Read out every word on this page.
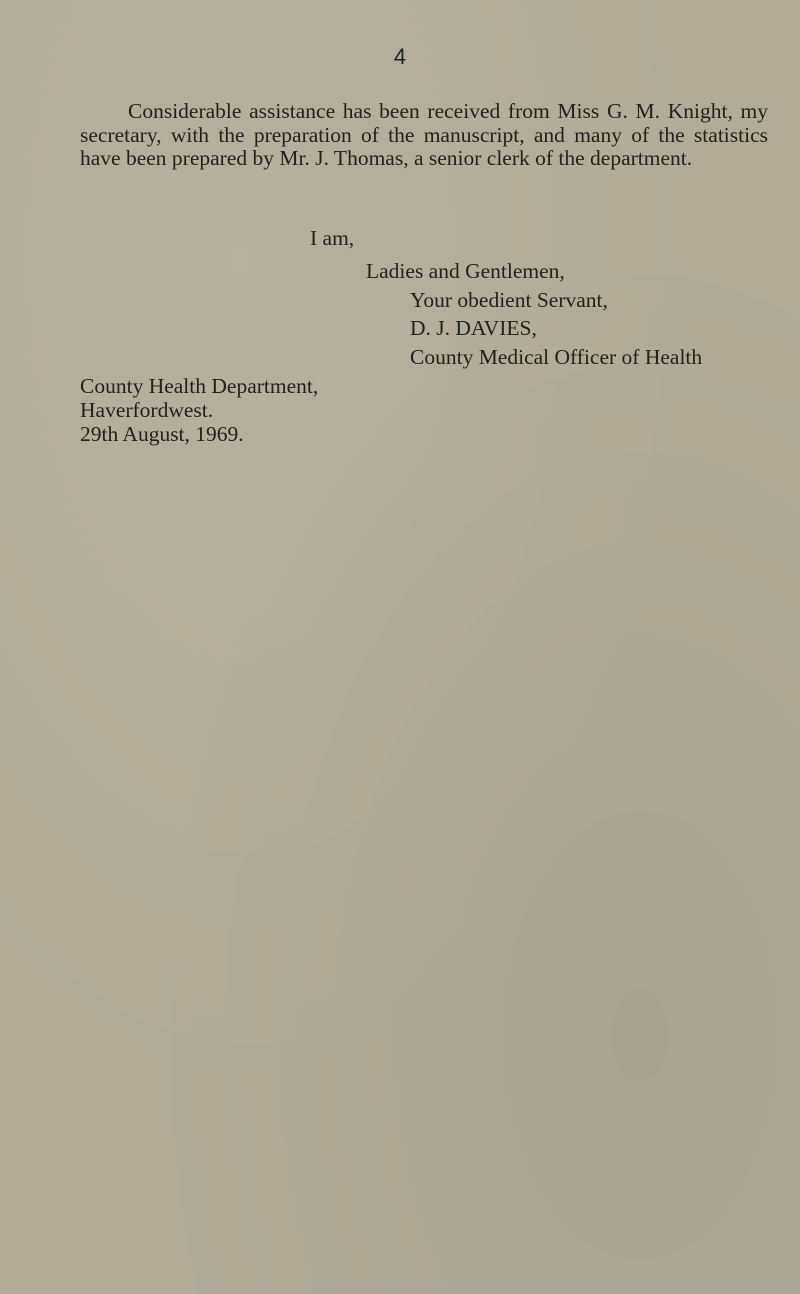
4

Considerable assistance has been received from Miss G. M. Knight, my secretary, with the preparation of the manuscript, and many of the statistics have been prepared by Mr. J. Thomas, a senior clerk of the department.

I am,
Ladies and Gentlemen,
Your obedient Servant,
D. J. DAVIES,
County Medical Officer of Health
County Health Department,
Haverfordwest.
29th August, 1969.
